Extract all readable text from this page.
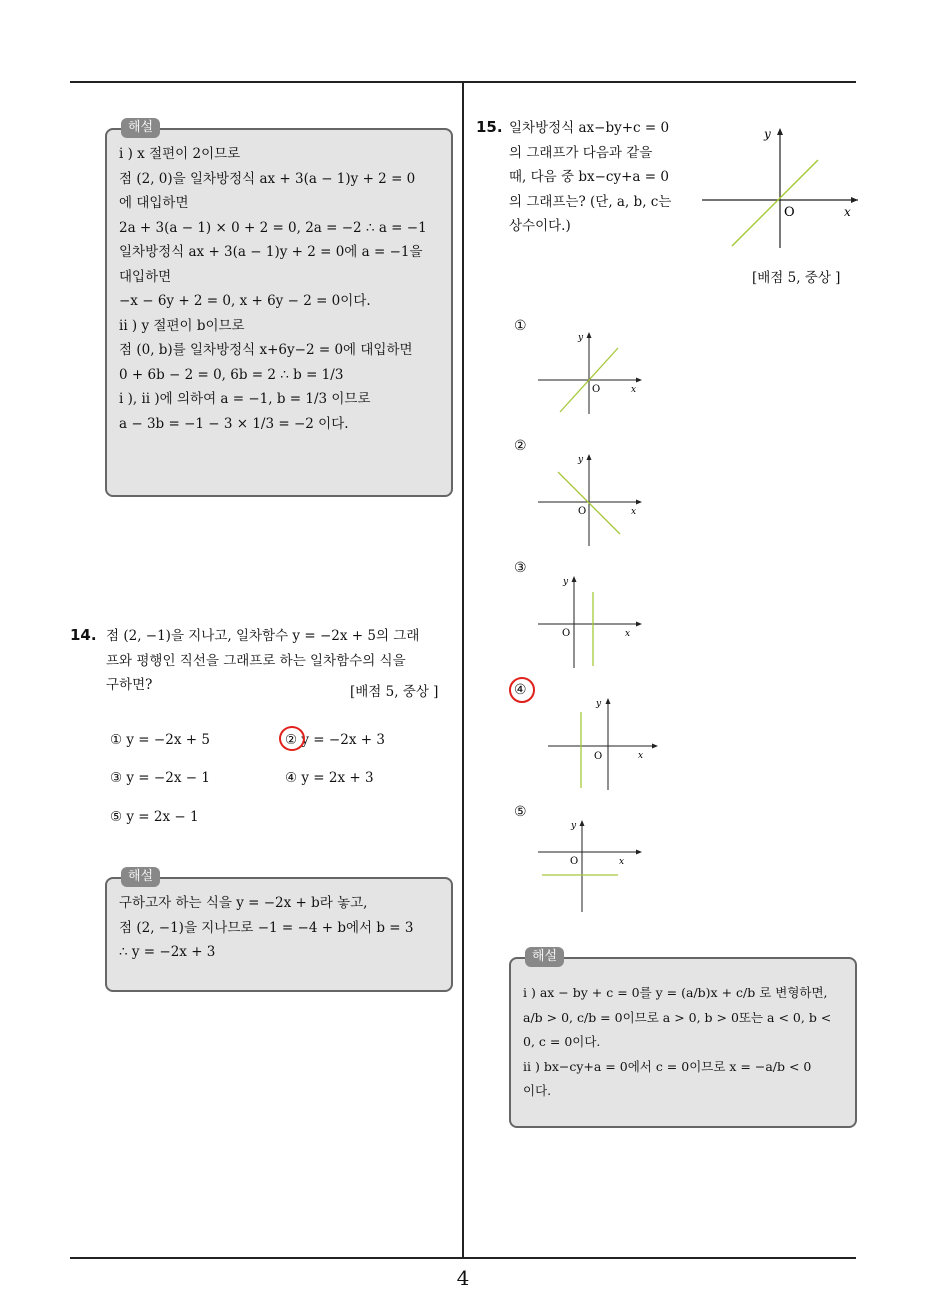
해설
i ) x 절편이 2이므로
점 (2, 0)을 일차방정식 ax + 3(a − 1)y + 2 = 0
에 대입하면
2a + 3(a − 1) × 0 + 2 = 0, 2a = −2 ∴ a = −1
일차방정식 ax + 3(a − 1)y + 2 = 0에 a = −1을
대입하면
−x − 6y + 2 = 0, x + 6y − 2 = 0이다.
ii ) y 절편이 b이므로
점 (0, b)를 일차방정식 x+6y−2 = 0에 대입하면
0 + 6b − 2 = 0, 6b = 2 ∴ b = 1/3
i ), ii )에 의하여 a = −1, b = 1/3 이므로
a − 3b = −1 − 3 × 1/3 = −2 이다.
14. 점 (2, −1)을 지나고, 일차함수 y = −2x + 5의 그래
프와 평행인 직선을 그래프로 하는 일차함수의 식을
구하면?	[배점 5, 중상 ]
① y = −2x + 5	② y = −2x + 3
③ y = −2x − 1	④ y = 2x + 3
⑤ y = 2x − 1
해설
구하고자 하는 식을 y = −2x + b라 놓고,
점 (2, −1)을 지나므로 −1 = −4 + b에서 b = 3
∴ y = −2x + 3
15. 일차방정식 ax−by+c = 0
의 그래프가 다음과 같을
때, 다음 중 bx−cy+a = 0
의 그래프는? (단, a, b, c는
상수이다.)
O	x
y
[배점 5, 중상 ]
①
O	x
y
②
O	x
y
③
O	x
y
④
O	x
y
⑤
O	x
y
해설
i ) ax − by + c = 0를 y = (a/b)x + c/b 로 변형하면,
a/b > 0, c/b = 0이므로 a > 0, b > 0또는 a < 0, b <
0, c = 0이다.
ii ) bx−cy+a = 0에서 c = 0이므로 x = −a/b < 0
이다.
4
